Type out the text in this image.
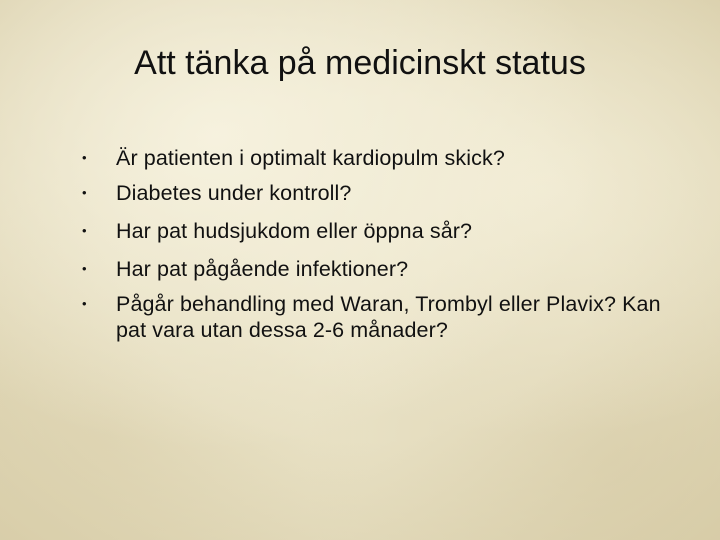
Att tänka på medicinskt status
•	Är patienten i optimalt kardiopulm skick?
•	Diabetes under kontroll?
•	Har pat hudsjukdom eller öppna sår?
•	Har pat pågående infektioner?
•	Pågår behandling med Waran, Trombyl eller Plavix? Kan pat vara utan dessa 2-6 månader?
